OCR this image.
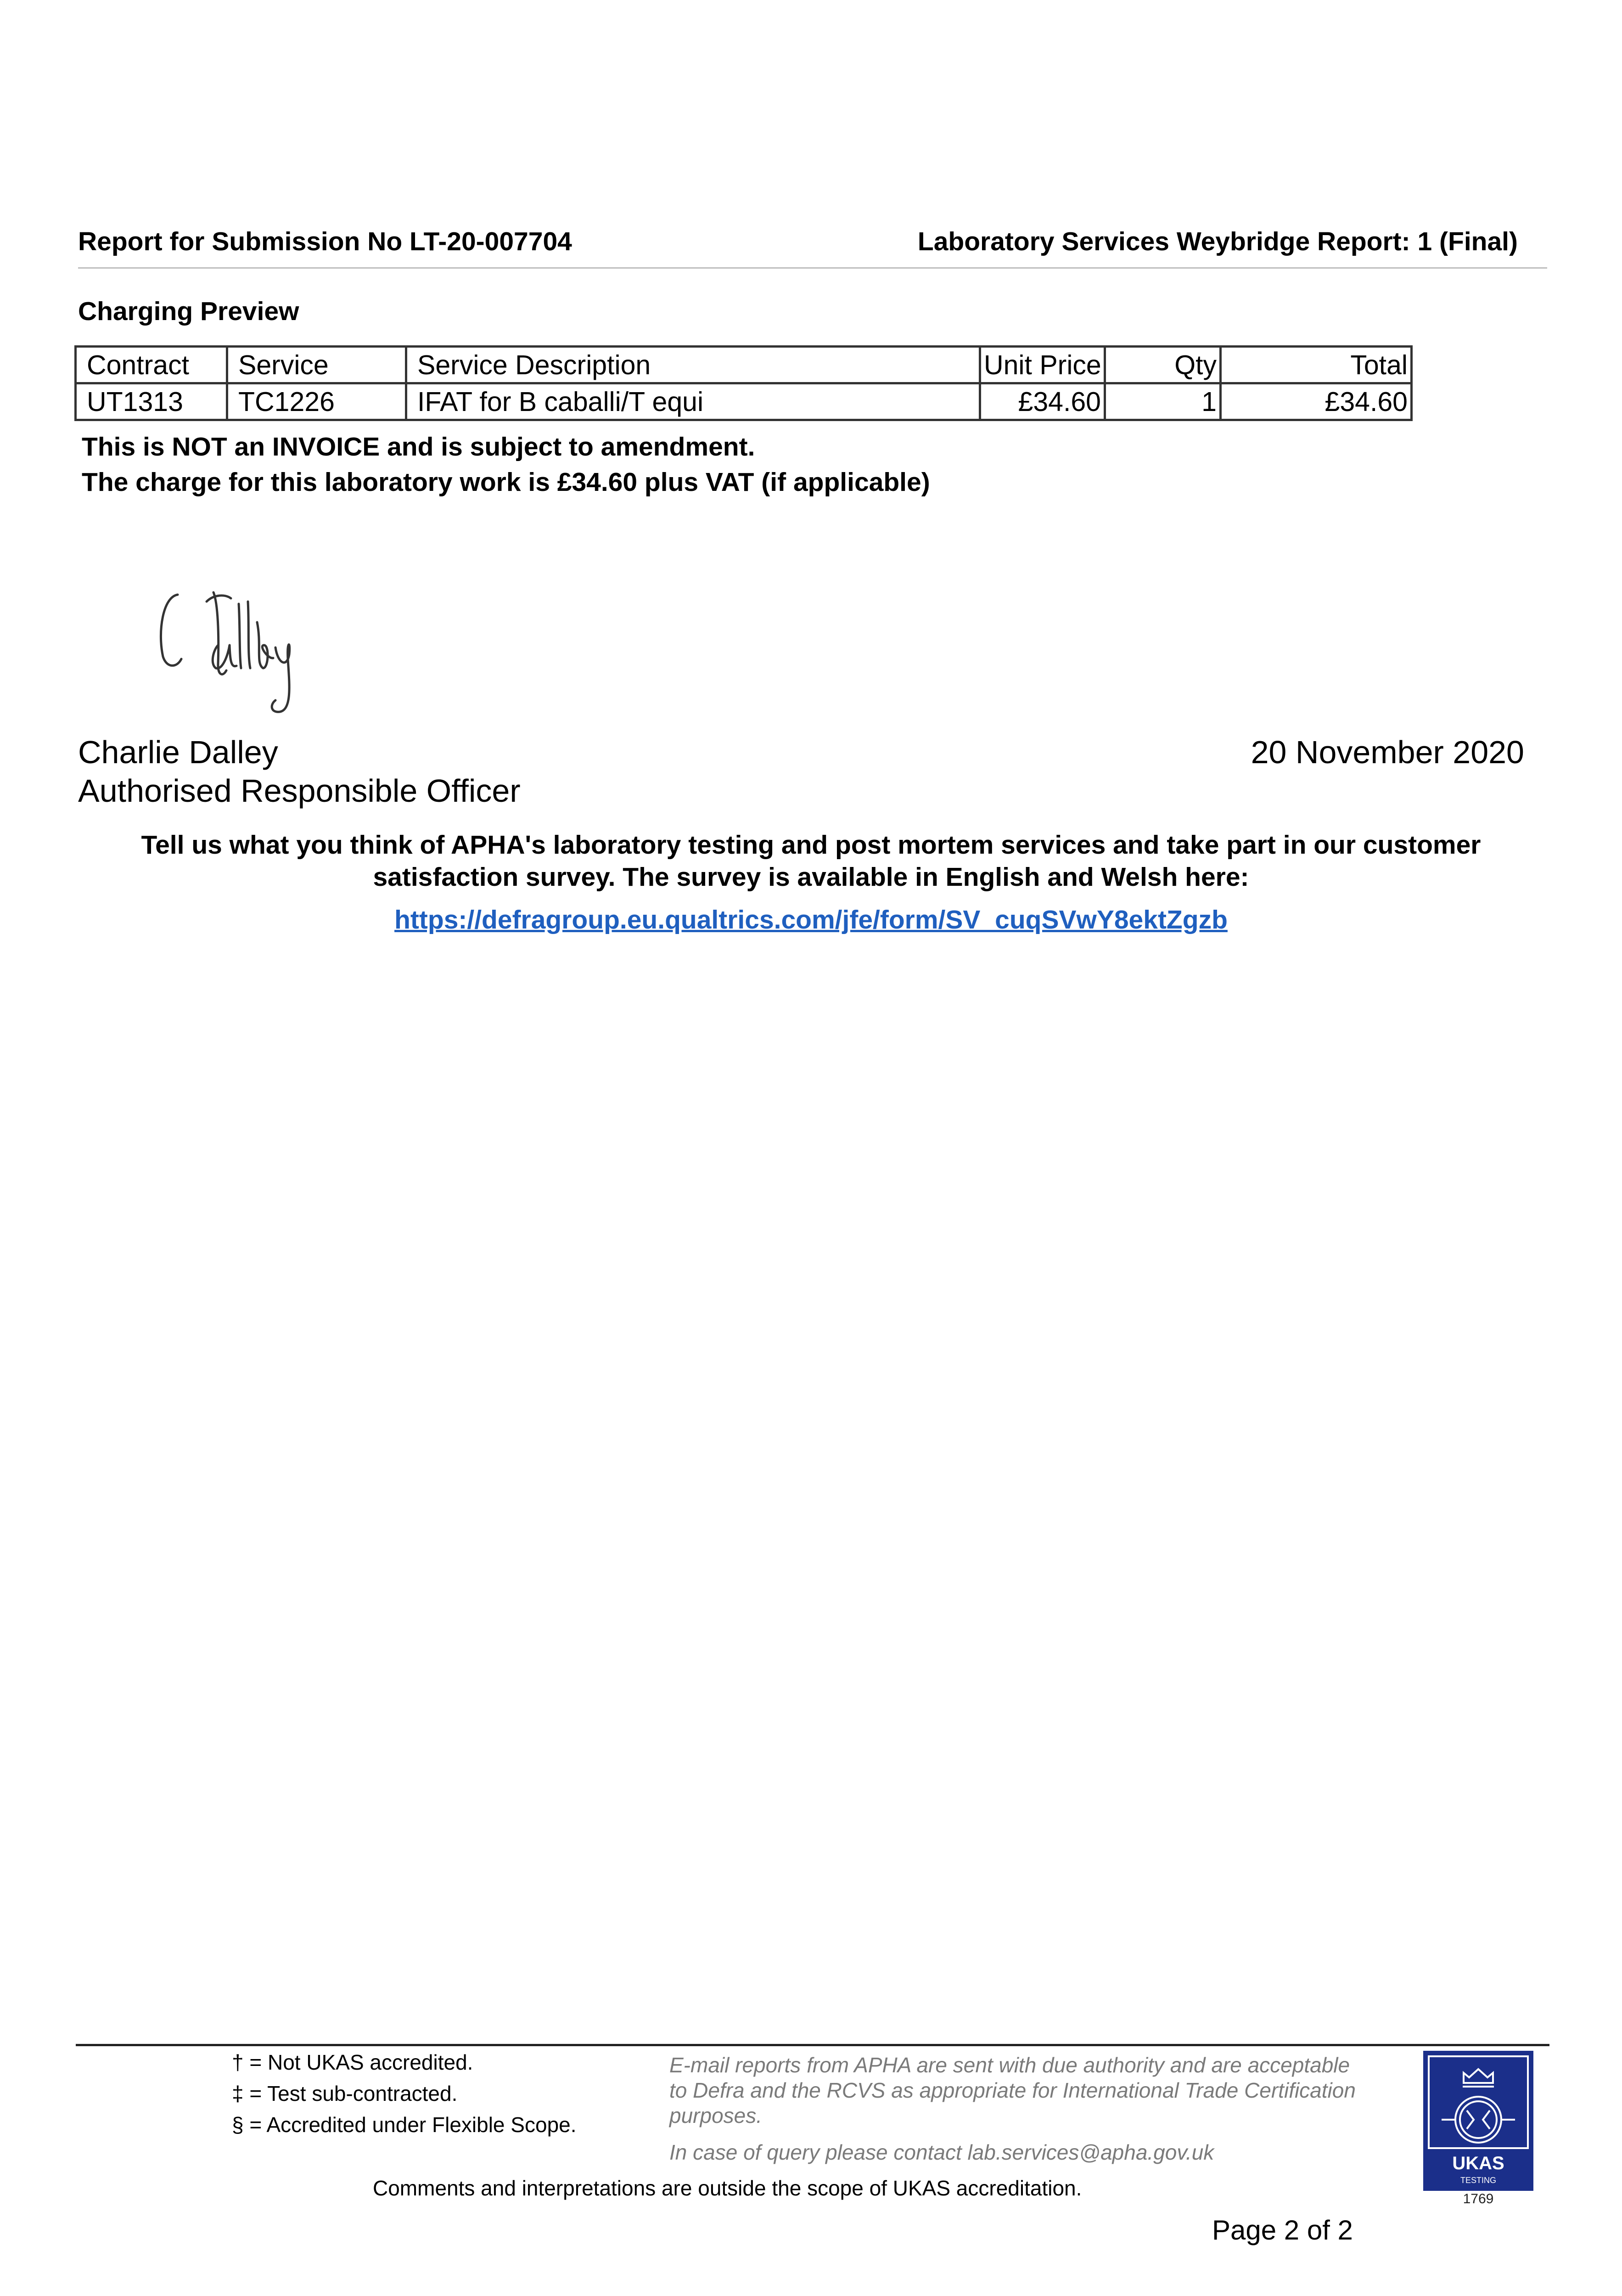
Report for Submission No LT-20-007704	Laboratory Services Weybridge Report: 1 (Final)
Charging Preview
Contract	Service	Service Description	Unit Price	Qty	Total
UT1313	TC1226	IFAT for B caballi/T equi	£34.60	1	£34.60
This is NOT an INVOICE and is subject to amendment.
The charge for this laboratory work is £34.60 plus VAT (if applicable)
Charlie Dalley
Authorised Responsible Officer
20 November 2020
Tell us what you think of APHA's laboratory testing and post mortem services and take part in our customer
satisfaction survey. The survey is available in English and Welsh here:
https://defragroup.eu.qualtrics.com/jfe/form/SV_cuqSVwY8ektZgzb
† = Not UKAS accredited.
‡ = Test sub-contracted.
§ = Accredited under Flexible Scope.
E-mail reports from APHA are sent with due authority and are acceptable to Defra and the RCVS as appropriate for International Trade Certification purposes.
In case of query please contact lab.services@apha.gov.uk
Comments and interpretations are outside the scope of UKAS accreditation.
UKAS
TESTING
1769
Page 2 of 2
